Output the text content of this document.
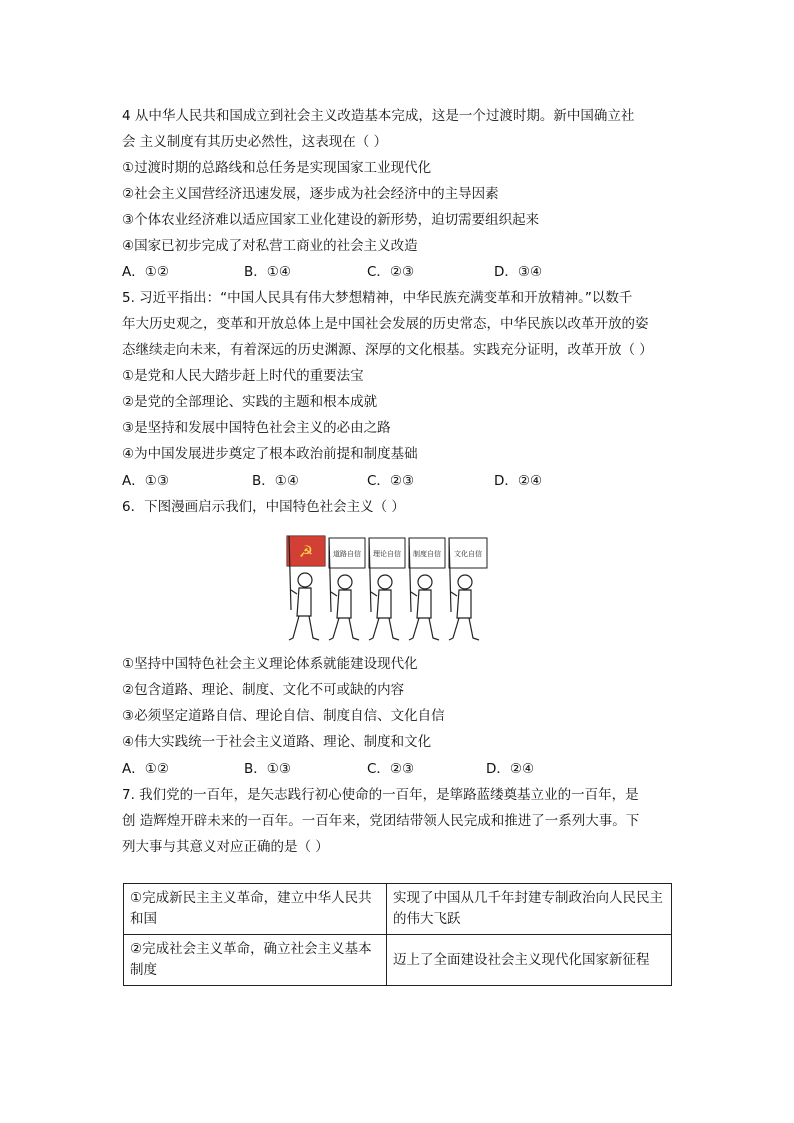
4 从中华人民共和国成立到社会主义改造基本完成，这是一个过渡时期。新中国确立社
会 主义制度有其历史必然性，这表现在（ ）
①过渡时期的总路线和总任务是实现国家工业现代化
②社会主义国营经济迅速发展，逐步成为社会经济中的主导因素
③个体农业经济难以适应国家工业化建设的新形势，迫切需要组织起来
④国家已初步完成了对私营工商业的社会主义改造
A．①②	B．①④	C．②③	D．③④
5. 习近平指出：“中国人民具有伟大梦想精神，中华民族充满变革和开放精神。”以数千
年大历史观之，变革和开放总体上是中国社会发展的历史常态，中华民族以改革开放的姿
态继续走向未来，有着深远的历史渊源、深厚的文化根基。实践充分证明，改革开放（ ）
①是党和人民大踏步赶上时代的重要法宝
②是党的全部理论、实践的主题和根本成就
③是坚持和发展中国特色社会主义的必由之路
④为中国发展进步奠定了根本政治前提和制度基础
A．①③	B．①④	C．②③	D．②④
6．下图漫画启示我们，中国特色社会主义（ ）
☭	道路自信 理论自信 制度自信 文化自信
①坚持中国特色社会主义理论体系就能建设现代化
②包含道路、理论、制度、文化不可或缺的内容
③必须坚定道路自信、理论自信、制度自信、文化自信
④伟大实践统一于社会主义道路、理论、制度和文化
A．①②	B．①③	C．②③	D．②④
7. 我们党的一百年，是矢志践行初心使命的一百年，是筚路蓝缕奠基立业的一百年，是
创 造辉煌开辟未来的一百年。一百年来，党团结带领人民完成和推进了一系列大事。下
列大事与其意义对应正确的是（ ）
①完成新民主主义革命，建立中华人民共和国	实现了中国从几千年封建专制政治向人民民主的伟大飞跃
②完成社会主义革命，确立社会主义基本制度	迈上了全面建设社会主义现代化国家新征程
